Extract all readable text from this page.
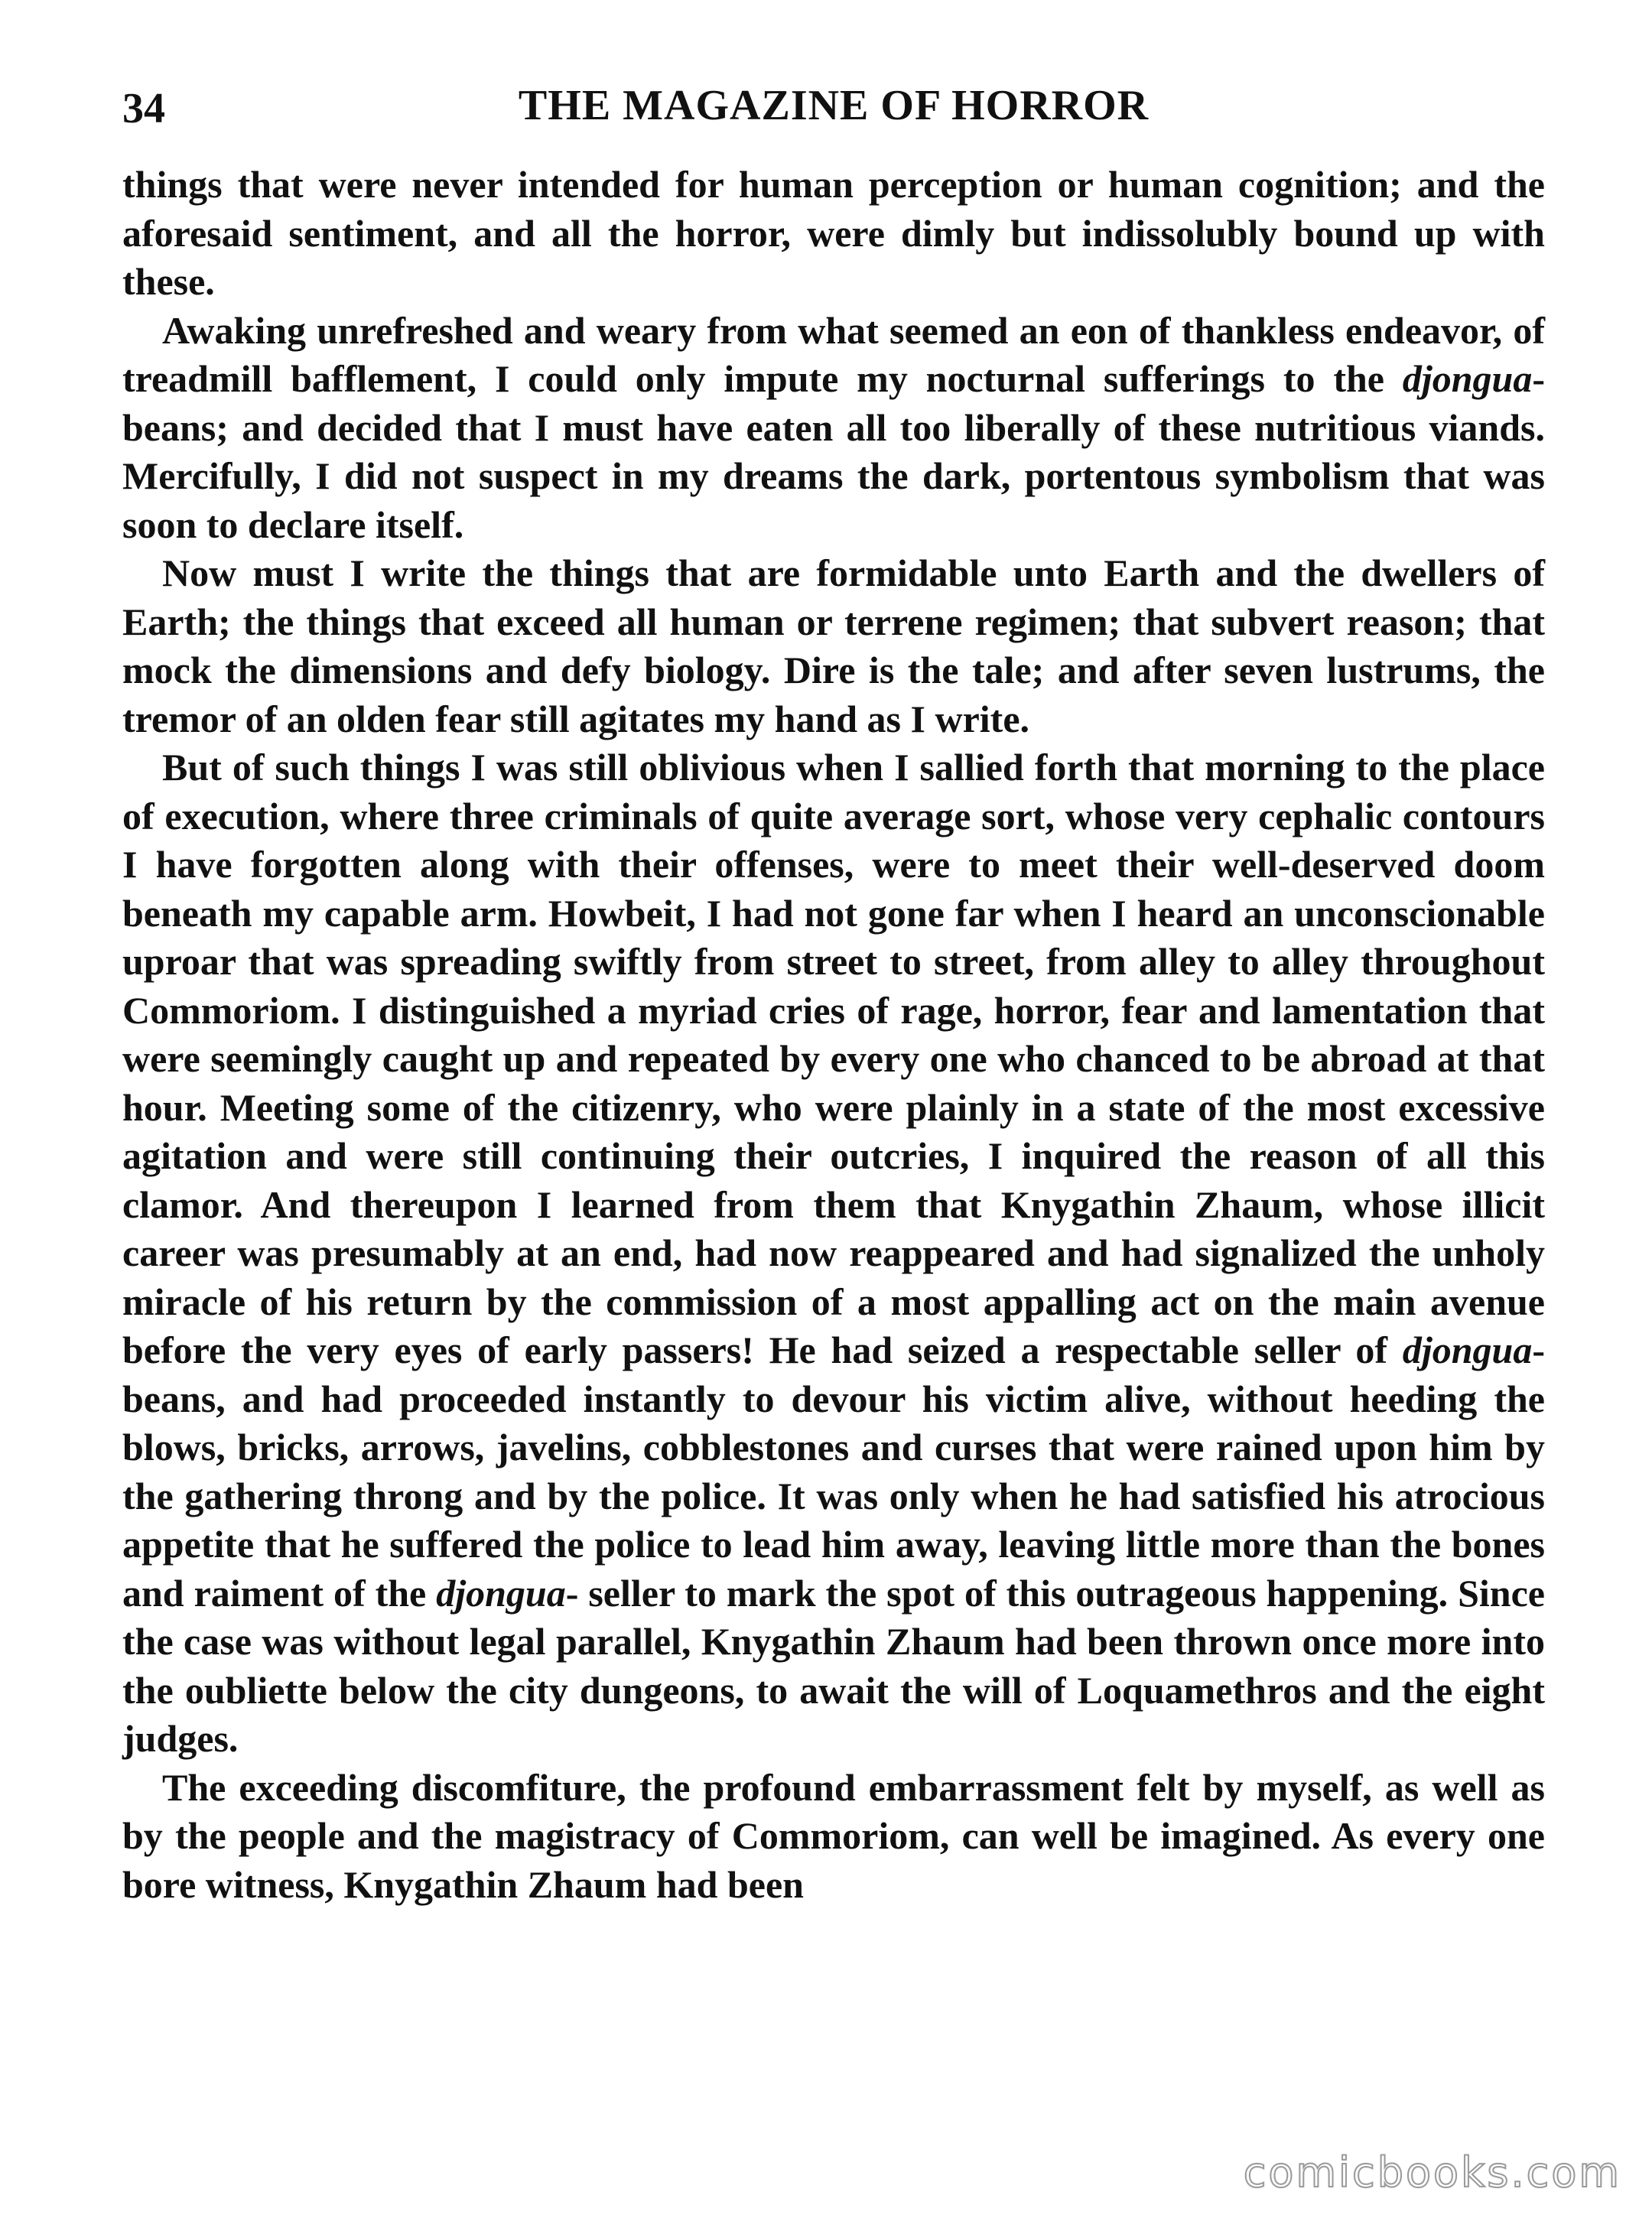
34	THE MAGAZINE OF HORROR

things that were never intended for human perception or human cognition; and the aforesaid sentiment, and all the horror, were dimly but indissolubly bound up with these.

Awaking unrefreshed and weary from what seemed an eon of thankless endeavor, of treadmill bafflement, I could only impute my nocturnal sufferings to the djongua-beans; and decided that I must have eaten all too liberally of these nutritious viands. Mercifully, I did not suspect in my dreams the dark, portentous symbolism that was soon to declare itself.

Now must I write the things that are formidable unto Earth and the dwellers of Earth; the things that exceed all human or terrene regimen; that subvert reason; that mock the dimensions and defy biology. Dire is the tale; and after seven lustrums, the tremor of an olden fear still agitates my hand as I write.

But of such things I was still oblivious when I sallied forth that morning to the place of execution, where three criminals of quite average sort, whose very cephalic contours I have forgotten along with their offenses, were to meet their well-deserved doom beneath my capable arm. Howbeit, I had not gone far when I heard an unconscionable uproar that was spreading swiftly from street to street, from alley to alley throughout Commoriom. I distinguished a myriad cries of rage, horror, fear and lamentation that were seemingly caught up and repeated by every one who chanced to be abroad at that hour. Meeting some of the citizenry, who were plainly in a state of the most excessive agitation and were still continuing their outcries, I inquired the reason of all this clamor. And thereupon I learned from them that Knygathin Zhaum, whose illicit career was presumably at an end, had now reappeared and had signalized the unholy miracle of his return by the commission of a most appalling act on the main avenue before the very eyes of early passers! He had seized a respectable seller of djongua-beans, and had proceeded instantly to devour his victim alive, without heeding the blows, bricks, arrows, javelins, cobblestones and curses that were rained upon him by the gathering throng and by the police. It was only when he had satisfied his atrocious appetite that he suffered the police to lead him away, leaving little more than the bones and raiment of the djongua- seller to mark the spot of this outrageous happening. Since the case was without legal parallel, Knygathin Zhaum had been thrown once more into the oubliette below the city dungeons, to await the will of Loquamethros and the eight judges.

The exceeding discomfiture, the profound embarrassment felt by myself, as well as by the people and the magistracy of Commoriom, can well be imagined. As every one bore witness, Knygathin Zhaum had been

comicbooks.com
